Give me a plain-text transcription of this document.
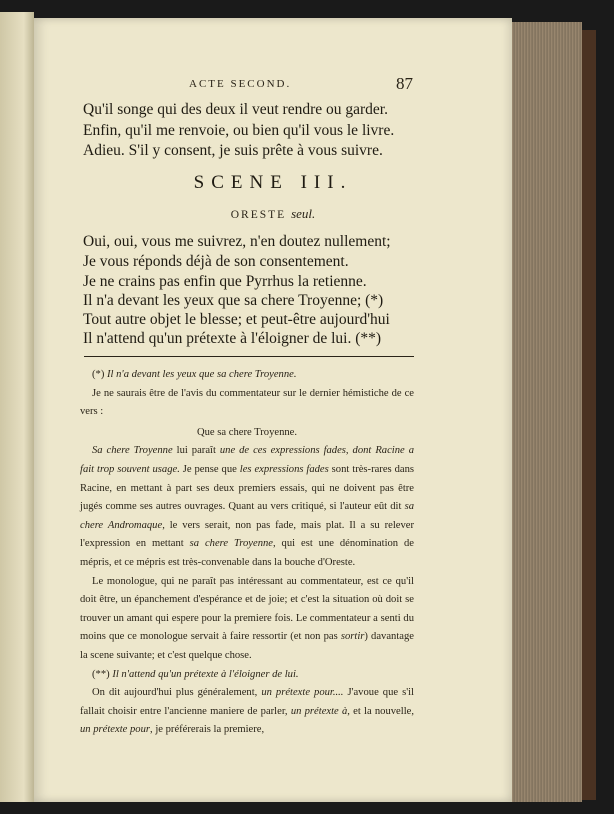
ACTE SECOND.	87
Qu'il songe qui des deux il veut rendre ou garder.
Enfin, qu'il me renvoie, ou bien qu'il vous le livre.
Adieu. S'il y consent, je suis prête à vous suivre.
SCENE III.
ORESTE seul.
Oui, oui, vous me suivrez, n'en doutez nullement;
Je vous réponds déjà de son consentement.
Je ne crains pas enfin que Pyrrhus la retienne.
Il n'a devant les yeux que sa chere Troyenne; (*)
Tout autre objet le blesse; et peut-être aujourd'hui
Il n'attend qu'un prétexte à l'éloigner de lui. (**)

(*) Il n'a devant les yeux que sa chere Troyenne.

Je ne saurais être de l'avis du commentateur sur le dernier hémistiche de ce vers :

Que sa chere Troyenne.

Sa chere Troyenne lui paraît une de ces expressions fades, dont Racine a fait trop souvent usage. Je pense que les expressions fades sont très-rares dans Racine, en mettant à part ses deux premiers essais, qui ne doivent pas être jugés comme ses autres ouvrages. Quant au vers critiqué, si l'auteur eût dit sa chere Andromaque, le vers serait, non pas fade, mais plat. Il a su relever l'expression en mettant sa chere Troyenne, qui est une dénomination de mépris, et ce mépris est très-convenable dans la bouche d'Oreste.

Le monologue, qui ne paraît pas intéressant au commentateur, est ce qu'il doit être, un épanchement d'espérance et de joie; et c'est la situation où doit se trouver un amant qui espere pour la premiere fois. Le commentateur a senti du moins que ce monologue servait à faire ressortir (et non pas sortir) davantage la scene suivante; et c'est quelque chose.

(**) Il n'attend qu'un prétexte à l'éloigner de lui.

On dit aujourd'hui plus généralement, un prétexte pour.... J'avoue que s'il fallait choisir entre l'ancienne maniere de parler, un prétexte à, et la nouvelle, un prétexte pour, je préférerais la premiere,
